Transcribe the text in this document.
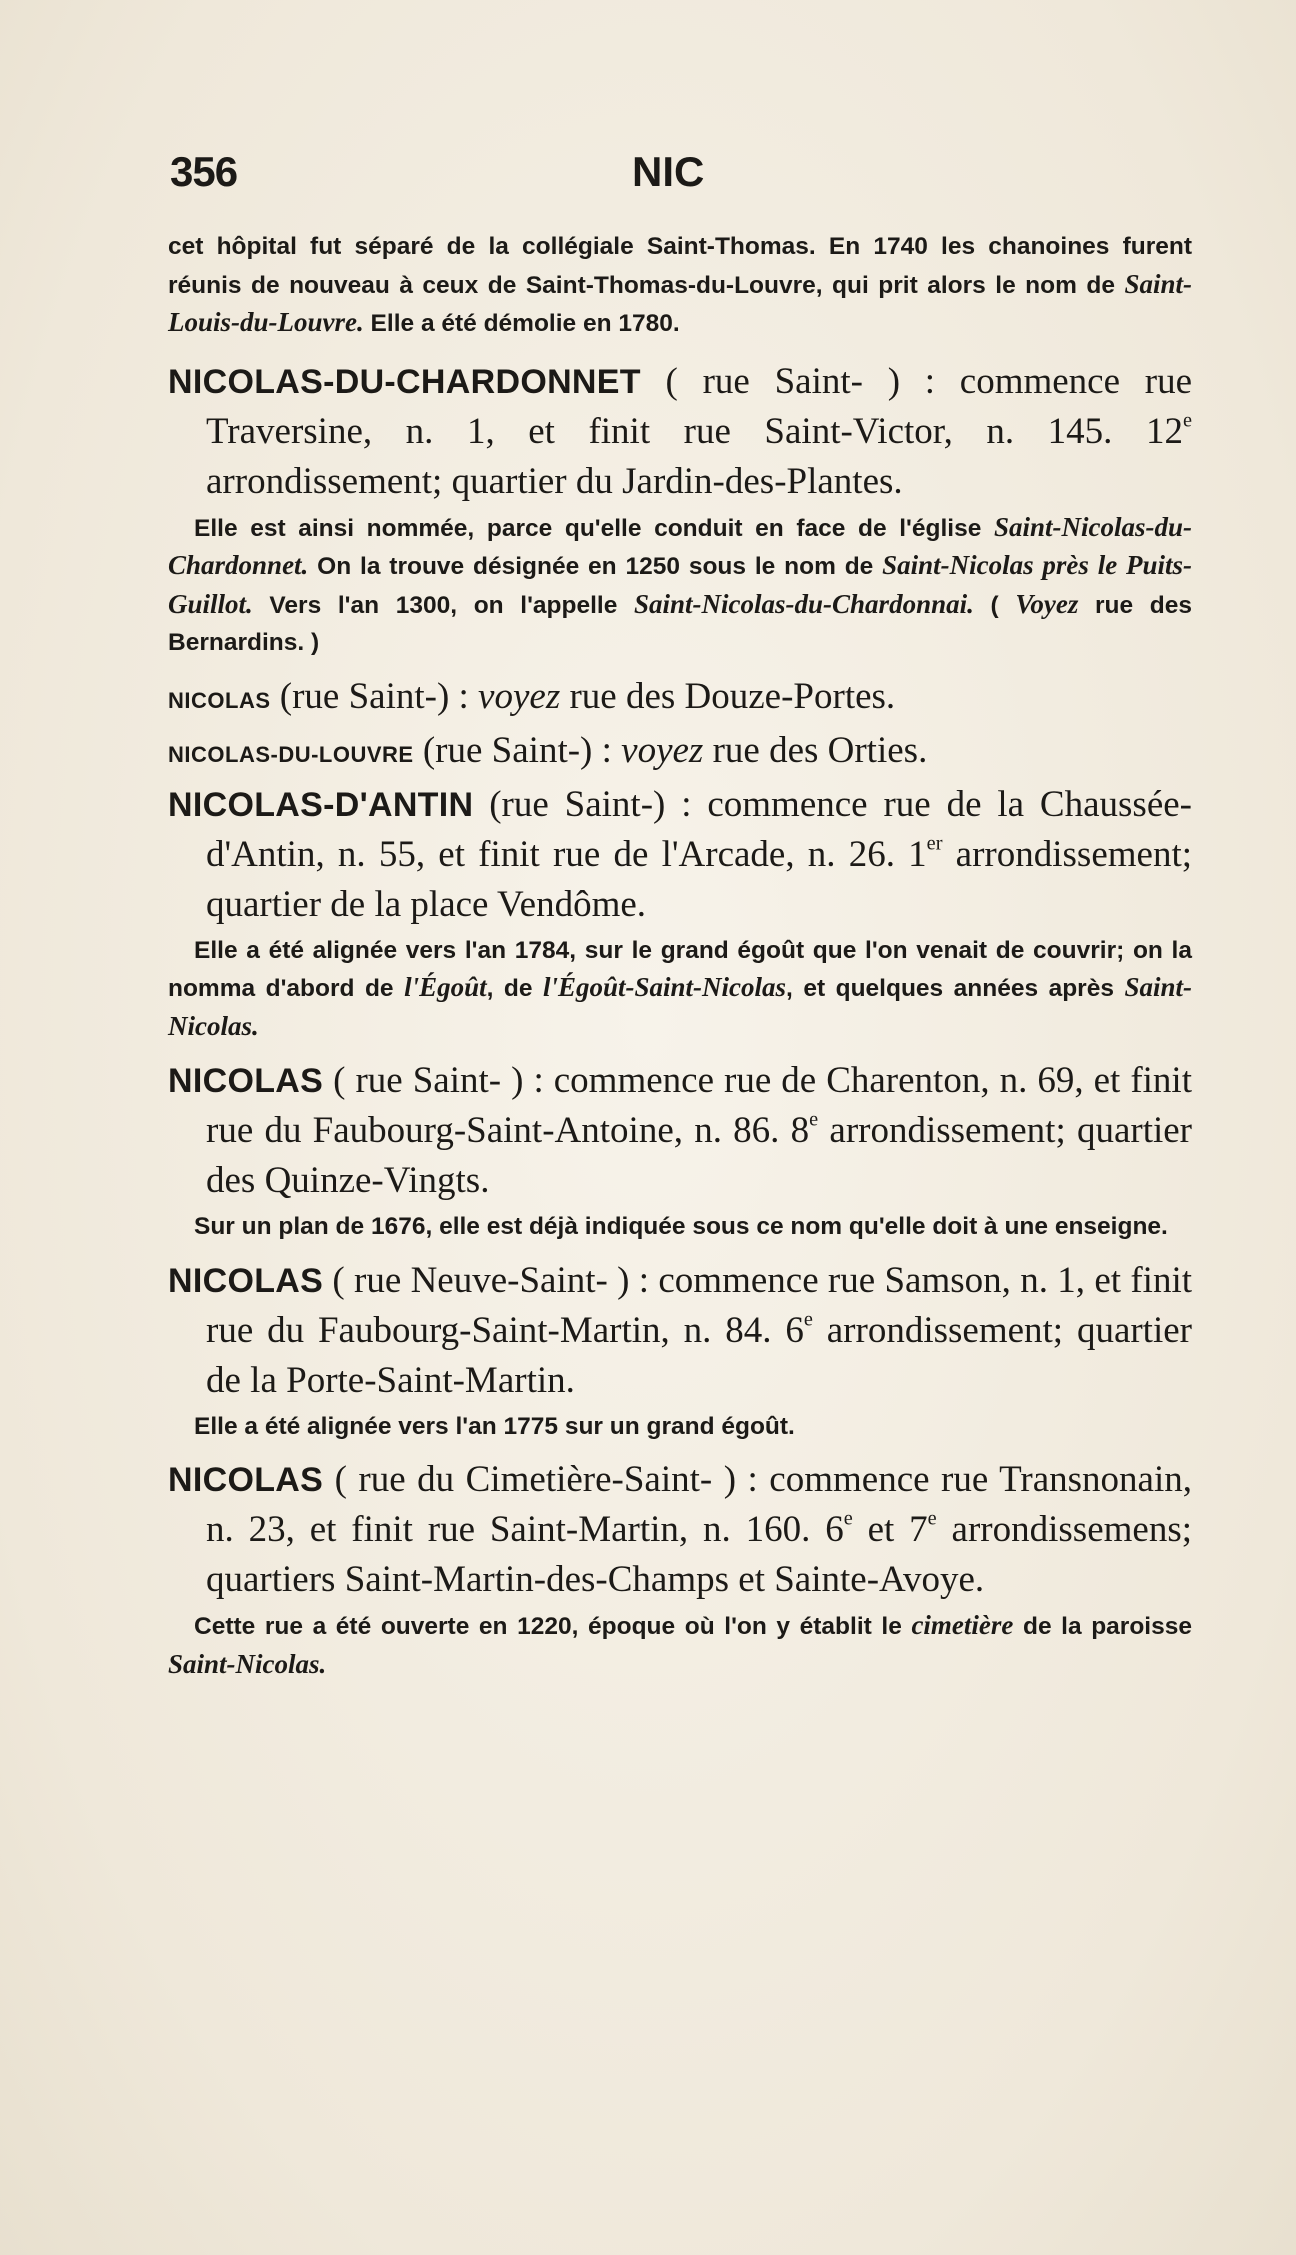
356	NIC

cet hôpital fut séparé de la collégiale Saint-Thomas. En 1740 les chanoines furent réunis de nouveau à ceux de Saint-Thomas-du-Louvre, qui prit alors le nom de Saint-Louis-du-Louvre. Elle a été démolie en 1780.

NICOLAS-DU-CHARDONNET ( rue Saint- ) : commence rue Traversine, n. 1, et finit rue Saint-Victor, n. 145. 12e arrondissement; quartier du Jardin-des-Plantes.

Elle est ainsi nommée, parce qu'elle conduit en face de l'église Saint-Nicolas-du-Chardonnet. On la trouve désignée en 1250 sous le nom de Saint-Nicolas près le Puits-Guillot. Vers l'an 1300, on l'appelle Saint-Nicolas-du-Chardonnai. ( Voyez rue des Bernardins. )

NICOLAS (rue Saint-) : voyez rue des Douze-Portes.

NICOLAS-DU-LOUVRE (rue Saint-) : voyez rue des Orties.

NICOLAS-D'ANTIN (rue Saint-) : commence rue de la Chaussée-d'Antin, n. 55, et finit rue de l'Arcade, n. 26. 1er arrondissement; quartier de la place Vendôme.

Elle a été alignée vers l'an 1784, sur le grand égoût que l'on venait de couvrir; on la nomma d'abord de l'Égoût, de l'Égoût-Saint-Nicolas, et quelques années après Saint-Nicolas.

NICOLAS ( rue Saint- ) : commence rue de Charenton, n. 69, et finit rue du Faubourg-Saint-Antoine, n. 86. 8e arrondissement; quartier des Quinze-Vingts.

Sur un plan de 1676, elle est déjà indiquée sous ce nom qu'elle doit à une enseigne.

NICOLAS ( rue Neuve-Saint- ) : commence rue Samson, n. 1, et finit rue du Faubourg-Saint-Martin, n. 84. 6e arrondissement; quartier de la Porte-Saint-Martin.

Elle a été alignée vers l'an 1775 sur un grand égoût.

NICOLAS ( rue du Cimetière-Saint- ) : commence rue Transnonain, n. 23, et finit rue Saint-Martin, n. 160. 6e et 7e arrondissemens; quartiers Saint-Martin-des-Champs et Sainte-Avoye.

Cette rue a été ouverte en 1220, époque où l'on y établit le cimetière de la paroisse Saint-Nicolas.
